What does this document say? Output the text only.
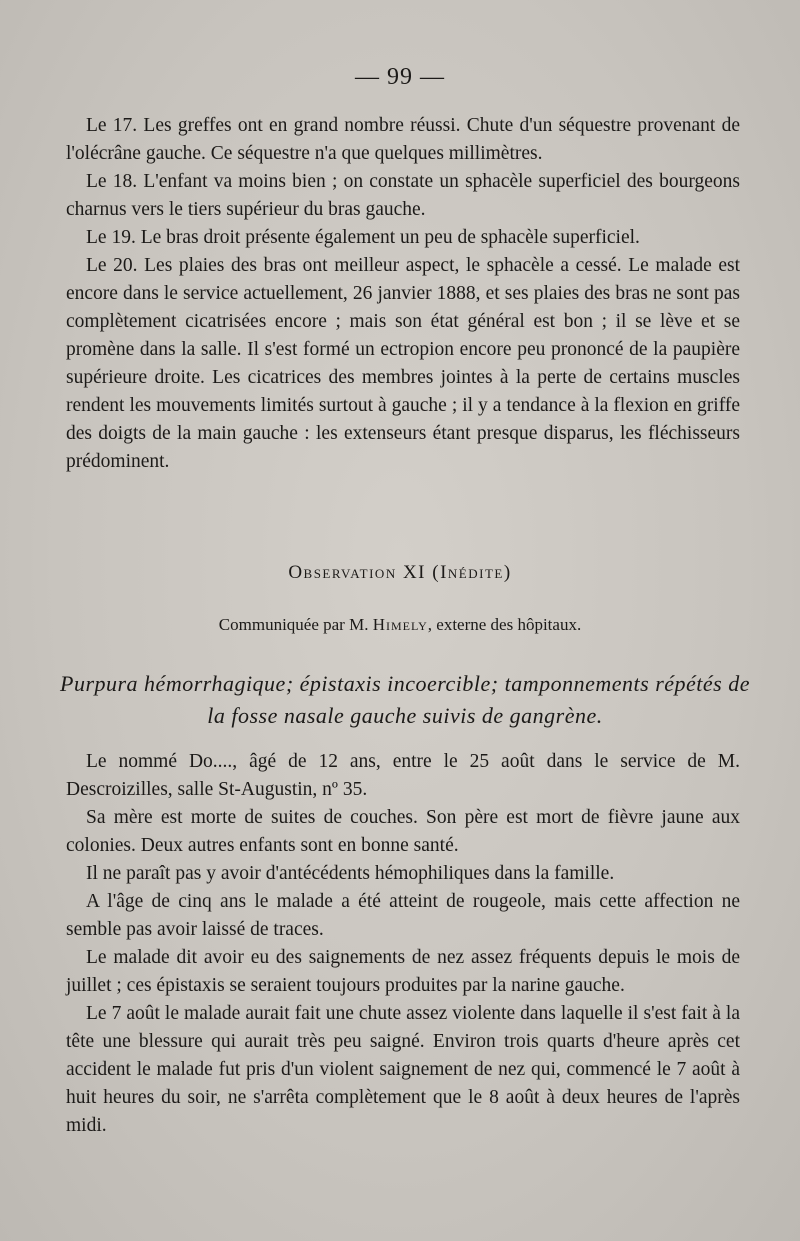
— 99 —

Le 17. Les greffes ont en grand nombre réussi. Chute d'un séquestre provenant de l'olécrâne gauche. Ce séquestre n'a que quelques millimètres.

Le 18. L'enfant va moins bien ; on constate un sphacèle superficiel des bourgeons charnus vers le tiers supérieur du bras gauche.

Le 19. Le bras droit présente également un peu de sphacèle superficiel.

Le 20. Les plaies des bras ont meilleur aspect, le sphacèle a cessé. Le malade est encore dans le service actuellement, 26 janvier 1888, et ses plaies des bras ne sont pas complètement cicatrisées encore ; mais son état général est bon ; il se lève et se promène dans la salle. Il s'est formé un ectropion encore peu prononcé de la paupière supérieure droite. Les cicatrices des membres jointes à la perte de certains muscles rendent les mouvements limités surtout à gauche ; il y a tendance à la flexion en griffe des doigts de la main gauche : les extenseurs étant presque disparus, les fléchisseurs prédominent.

Observation XI (Inédite)
Communiquée par M. Himely, externe des hôpitaux.
Purpura hémorrhagique; épistaxis incoercible; tamponnements répétés de la fosse nasale gauche suivis de gangrène.

Le nommé Do...., âgé de 12 ans, entre le 25 août dans le service de M. Descroizilles, salle St-Augustin, nº 35.

Sa mère est morte de suites de couches. Son père est mort de fièvre jaune aux colonies. Deux autres enfants sont en bonne santé.

Il ne paraît pas y avoir d'antécédents hémophiliques dans la famille.

A l'âge de cinq ans le malade a été atteint de rougeole, mais cette affection ne semble pas avoir laissé de traces.

Le malade dit avoir eu des saignements de nez assez fréquents depuis le mois de juillet ; ces épistaxis se seraient toujours produites par la narine gauche.

Le 7 août le malade aurait fait une chute assez violente dans laquelle il s'est fait à la tête une blessure qui aurait très peu saigné. Environ trois quarts d'heure après cet accident le malade fut pris d'un violent saignement de nez qui, commencé le 7 août à huit heures du soir, ne s'arrêta complètement que le 8 août à deux heures de l'après midi.
